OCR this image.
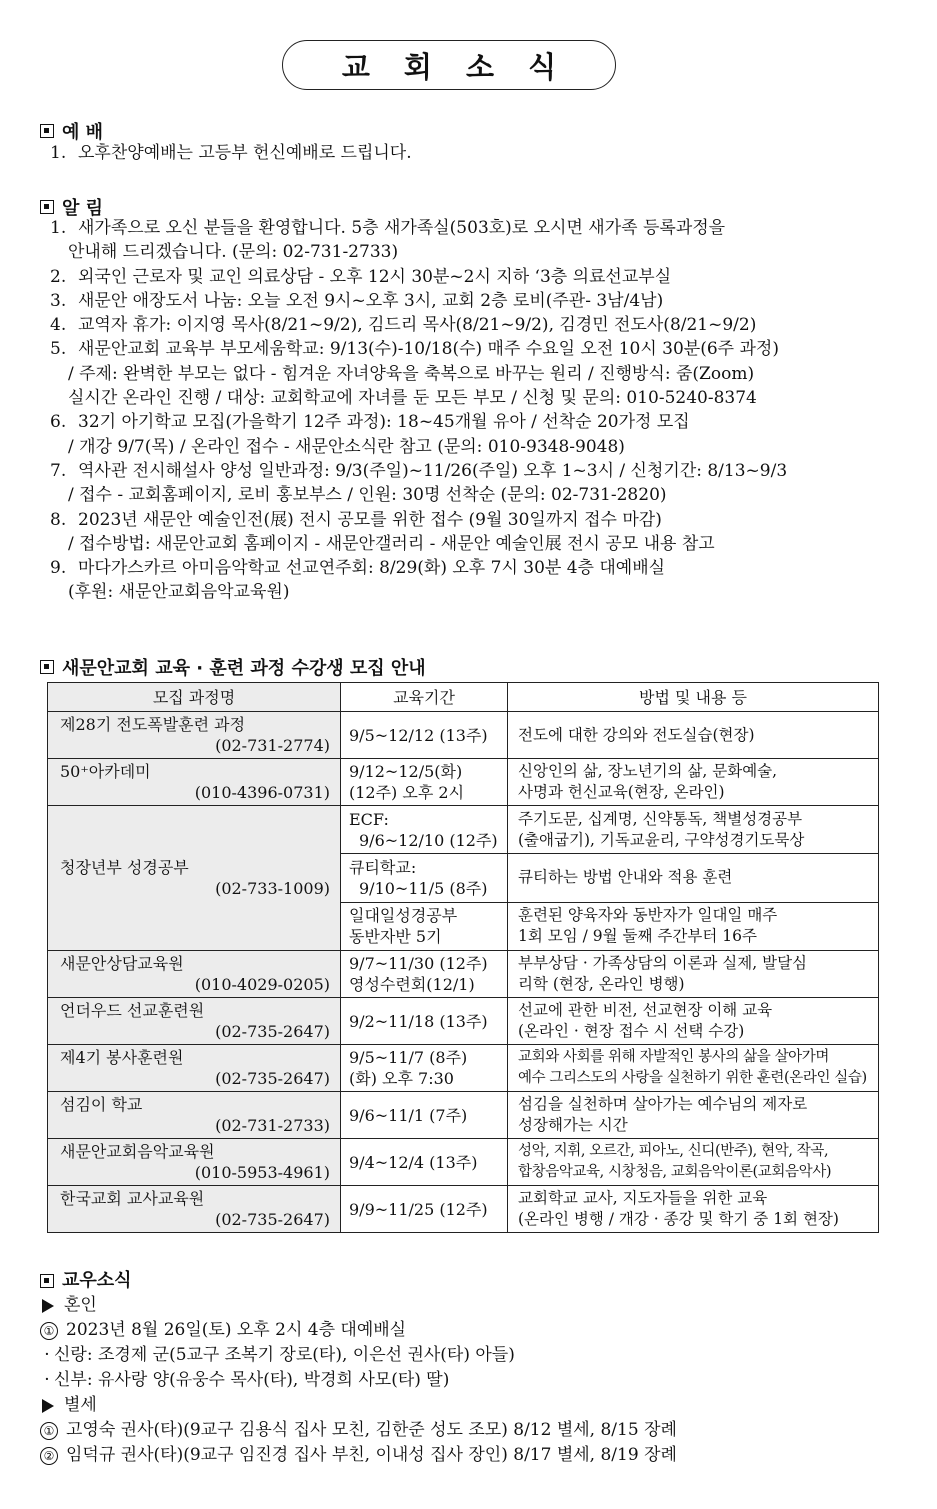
교 회 소 식
예 배
1. 오후찬양예배는 고등부 헌신예배로 드립니다.
알 림
1. 새가족으로 오신 분들을 환영합니다. 5층 새가족실(503호)로 오시면 새가족 등록과정을
안내해 드리겠습니다. (문의: 02-731-2733)
2. 외국인 근로자 및 교인 의료상담 - 오후 12시 30분~2시 지하 ‘3층 의료선교부실
3. 새문안 애장도서 나눔: 오늘 오전 9시~오후 3시, 교회 2층 로비(주관- 3남/4남)
4. 교역자 휴가: 이지영 목사(8/21~9/2), 김드리 목사(8/21~9/2), 김경민 전도사(8/21~9/2)
5. 새문안교회 교육부 부모세움학교: 9/13(수)-10/18(수) 매주 수요일 오전 10시 30분(6주 과정)
/ 주제: 완벽한 부모는 없다 - 힘겨운 자녀양육을 축복으로 바꾸는 원리 / 진행방식: 줌(Zoom)
실시간 온라인 진행 / 대상: 교회학교에 자녀를 둔 모든 부모 / 신청 및 문의: 010-5240-8374
6. 32기 아기학교 모집(가을학기 12주 과정): 18~45개월 유아 / 선착순 20가정 모집
/ 개강 9/7(목) / 온라인 접수 - 새문안소식란 참고 (문의: 010-9348-9048)
7. 역사관 전시해설사 양성 일반과정: 9/3(주일)~11/26(주일) 오후 1~3시 / 신청기간: 8/13~9/3
/ 접수 - 교회홈페이지, 로비 홍보부스 / 인원: 30명 선착순 (문의: 02-731-2820)
8. 2023년 새문안 예술인전(展) 전시 공모를 위한 접수 (9월 30일까지 접수 마감)
/ 접수방법: 새문안교회 홈페이지 - 새문안갤러리 - 새문안 예술인展 전시 공모 내용 참고
9. 마다가스카르 아미음악학교 선교연주회: 8/29(화) 오후 7시 30분 4층 대예배실
(후원: 새문안교회음악교육원)
새문안교회 교육 · 훈련 과정 수강생 모집 안내
모집 과정명	교육기간	방법 및 내용 등

제28기 전도폭발훈련 과정
(02-731-2774)	9/5~12/12 (13주)	전도에 대한 강의와 전도실습(현장)

50⁺아카데미
(010-4396-0731)	9/12~12/5(화)
(12주) 오후 2시	신앙인의 삶, 장노년기의 삶, 문화예술,
사명과 헌신교육(현장, 온라인)

청장년부 성경공부
(02-733-1009)	ECF:
9/6~12/10 (12주)	주기도문, 십계명, 신약통독, 책별성경공부
(출애굽기), 기독교윤리, 구약성경기도묵상

	큐티학교:
9/10~11/5 (8주)	큐티하는 방법 안내와 적용 훈련

	일대일성경공부
동반자반 5기	훈련된 양육자와 동반자가 일대일 매주
1회 모임 / 9월 둘째 주간부터 16주

새문안상담교육원
(010-4029-0205)	9/7~11/30 (12주)
영성수련회(12/1)	부부상담 · 가족상담의 이론과 실제, 발달심
리학 (현장, 온라인 병행)

언더우드 선교훈련원
(02-735-2647)	9/2~11/18 (13주)	선교에 관한 비전, 선교현장 이해 교육
(온라인 · 현장 접수 시 선택 수강)

제4기 봉사훈련원
(02-735-2647)	9/5~11/7 (8주)
(화) 오후 7:30	교회와 사회를 위해 자발적인 봉사의 삶을 살아가며
예수 그리스도의 사랑을 실천하기 위한 훈련(온라인 실습)

섬김이 학교
(02-731-2733)	9/6~11/1 (7주)	섬김을 실천하며 살아가는 예수님의 제자로
성장해가는 시간

새문안교회음악교육원
(010-5953-4961)	9/4~12/4 (13주)	성악, 지휘, 오르간, 피아노, 신디(반주), 현악, 작곡,
합창음악교육, 시창청음, 교회음악이론(교회음악사)

한국교회 교사교육원
(02-735-2647)	9/9~11/25 (12주)	교회학교 교사, 지도자들을 위한 교육
(온라인 병행 / 개강 · 종강 및 학기 중 1회 현장)
교우소식
혼인
① 2023년 8월 26일(토) 오후 2시 4층 대예배실
· 신랑: 조경제 군(5교구 조복기 장로(타), 이은선 권사(타) 아들)
· 신부: 유사랑 양(유웅수 목사(타), 박경희 사모(타) 딸)
별세
① 고영숙 권사(타)(9교구 김용식 집사 모친, 김한준 성도 조모) 8/12 별세, 8/15 장례
② 임덕규 권사(타)(9교구 임진경 집사 부친, 이내성 집사 장인) 8/17 별세, 8/19 장례
